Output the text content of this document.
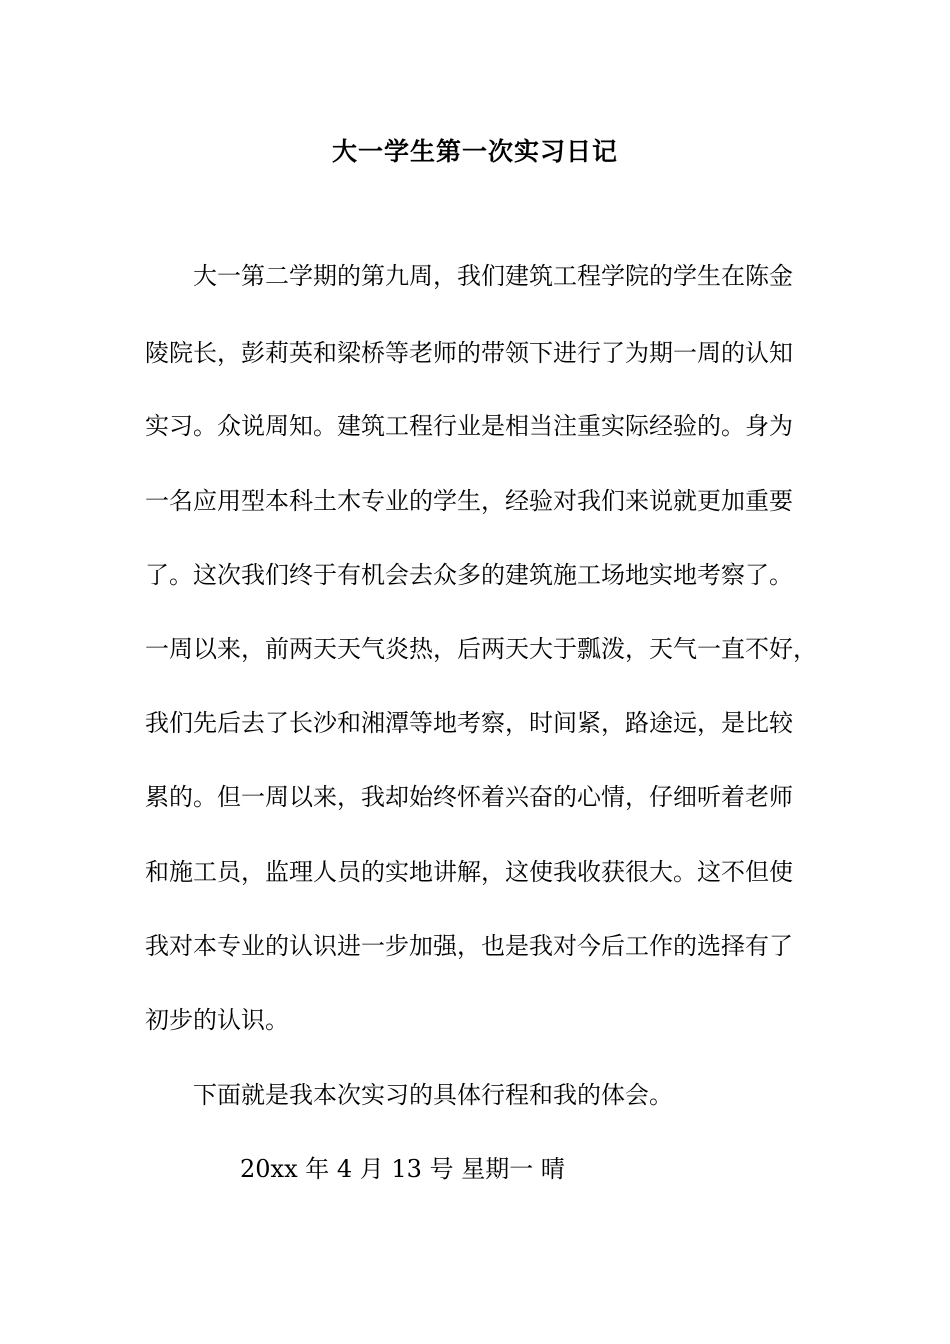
大一学生第一次实习日记
大一第二学期的第九周，我们建筑工程学院的学生在陈金
陵院长，彭莉英和梁桥等老师的带领下进行了为期一周的认知
实习。众说周知。建筑工程行业是相当注重实际经验的。身为
一名应用型本科土木专业的学生，经验对我们来说就更加重要
了。这次我们终于有机会去众多的建筑施工场地实地考察了。
一周以来，前两天天气炎热，后两天大于瓢泼，天气一直不好，
我们先后去了长沙和湘潭等地考察，时间紧，路途远，是比较
累的。但一周以来，我却始终怀着兴奋的心情，仔细听着老师
和施工员，监理人员的实地讲解，这使我收获很大。这不但使
我对本专业的认识进一步加强，也是我对今后工作的选择有了
初步的认识。
下面就是我本次实习的具体行程和我的体会。
20xx 年 4 月 13 号 星期一 晴
